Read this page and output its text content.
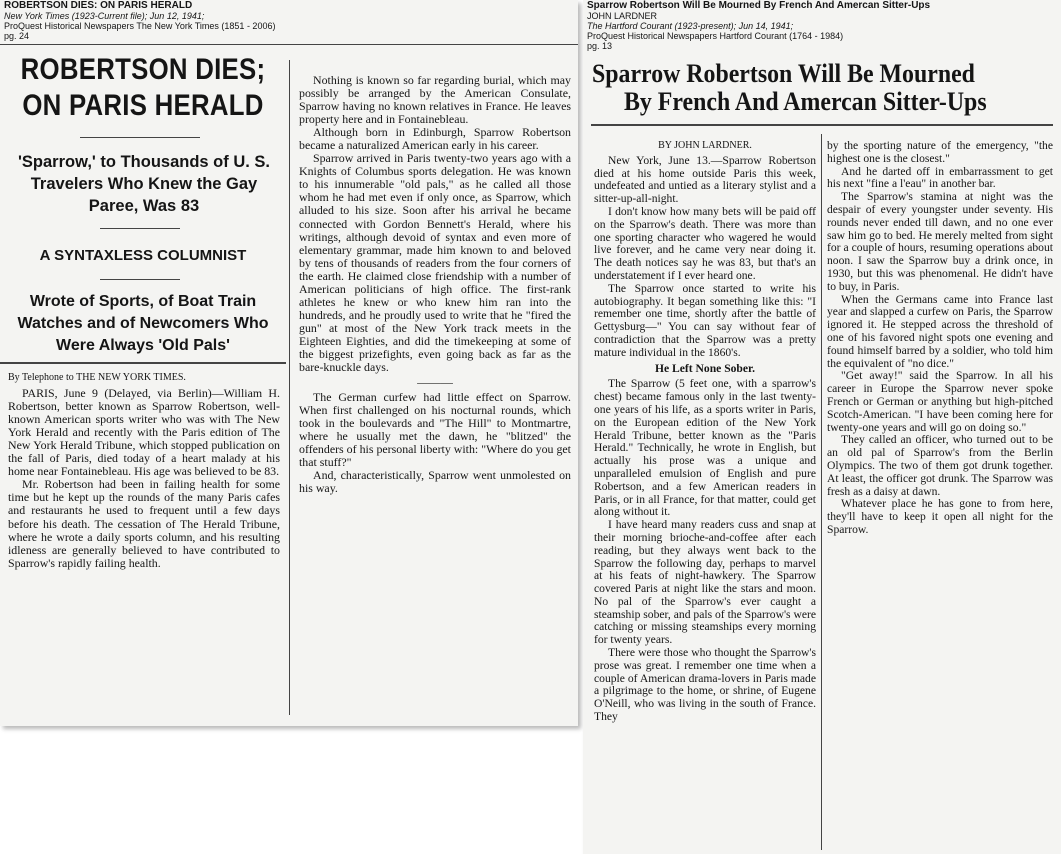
ROBERTSON DIES: ON PARIS HERALD

New York Times (1923-Current file); Jun 12, 1941;

ProQuest Historical Newspapers The New York Times (1851 - 2006)

pg. 24

ROBERTSON DIES;
ON PARIS HERALD
'Sparrow,' to Thousands of U. S. Travelers Who Knew the Gay Paree, Was 83
A SYNTAXLESS COLUMNIST
Wrote of Sports, of Boat Train Watches and of Newcomers Who Were Always 'Old Pals'

By Telephone to THE NEW YORK TIMES.

PARIS, June 9 (Delayed, via Berlin)—William H. Robertson, better known as Sparrow Robertson, well-known American sports writer who was with The New York Herald and recently with the Paris edition of The New York Herald Tribune, which stopped publication on the fall of Paris, died today of a heart malady at his home near Fontainebleau. His age was believed to be 83.

Mr. Robertson had been in failing health for some time but he kept up the rounds of the many Paris cafes and restaurants he used to frequent until a few days before his death. The cessation of The Herald Tribune, where he wrote a daily sports column, and his resulting idleness are generally believed to have contributed to Sparrow's rapidly failing health.

Nothing is known so far regarding burial, which may possibly be arranged by the American Consulate, Sparrow having no known relatives in France. He leaves property here and in Fontainebleau.

Although born in Edinburgh, Sparrow Robertson became a naturalized American early in his career.

Sparrow arrived in Paris twenty-two years ago with a Knights of Columbus sports delegation. He was known to his innumerable "old pals," as he called all those whom he had met even if only once, as Sparrow, which alluded to his size. Soon after his arrival he became connected with Gordon Bennett's Herald, where his writings, although devoid of syntax and even more of elementary grammar, made him known to and beloved by tens of thousands of readers from the four corners of the earth. He claimed close friendship with a number of American politicians of high office. The first-rank athletes he knew or who knew him ran into the hundreds, and he proudly used to write that he "fired the gun" at most of the New York track meets in the Eighteen Eighties, and did the timekeeping at some of the biggest prizefights, even going back as far as the bare-knuckle days.

———

The German curfew had little effect on Sparrow. When first challenged on his nocturnal rounds, which took in the boulevards and "The Hill" to Montmartre, where he usually met the dawn, he "blitzed" the offenders of his personal liberty with: "Where do you get that stuff?"

And, characteristically, Sparrow went unmolested on his way.

Sparrow Robertson Will Be Mourned By French And Amercan Sitter-Ups

JOHN LARDNER

The Hartford Courant (1923-present); Jun 14, 1941;

ProQuest Historical Newspapers Hartford Courant (1764 - 1984)

pg. 13

Sparrow Robertson Will Be Mourned
By French And Amercan Sitter-Ups

BY JOHN LARDNER.

New York, June 13.—Sparrow Robertson died at his home outside Paris this week, undefeated and untied as a literary stylist and a sitter-up-all-night.

I don't know how many bets will be paid off on the Sparrow's death. There was more than one sporting character who wagered he would live forever, and he came very near doing it. The death notices say he was 83, but that's an understatement if I ever heard one.

The Sparrow once started to write his autobiography. It began something like this: "I remember one time, shortly after the battle of Gettysburg—" You can say without fear of contradiction that the Sparrow was a pretty mature individual in the 1860's.

He Left None Sober.

The Sparrow (5 feet one, with a sparrow's chest) became famous only in the last twenty-one years of his life, as a sports writer in Paris, on the European edition of the New York Herald Tribune, better known as the "Paris Herald." Technically, he wrote in English, but actually his prose was a unique and unparalleled emulsion of English and pure Robertson, and a few American readers in Paris, or in all France, for that matter, could get along without it.

I have heard many readers cuss and snap at their morning brioche-and-coffee after each reading, but they always went back to the Sparrow the following day, perhaps to marvel at his feats of night-hawkery. The Sparrow covered Paris at night like the stars and moon. No pal of the Sparrow's ever caught a steamship sober, and pals of the Sparrow's were catching or missing steamships every morning for twenty years.

There were those who thought the Sparrow's prose was great. I remember one time when a couple of American drama-lovers in Paris made a pilgrimage to the home, or shrine, of Eugene O'Neill, who was living in the south of France. They

by the sporting nature of the emergency, "the highest one is the closest."

And he darted off in embarrassment to get his next "fine a l'eau" in another bar.

The Sparrow's stamina at night was the despair of every youngster under seventy. His rounds never ended till dawn, and no one ever saw him go to bed. He merely melted from sight for a couple of hours, resuming operations about noon. I saw the Sparrow buy a drink once, in 1930, but this was phenomenal. He didn't have to buy, in Paris.

When the Germans came into France last year and slapped a curfew on Paris, the Sparrow ignored it. He stepped across the threshold of one of his favored night spots one evening and found himself barred by a soldier, who told him the equivalent of "no dice."

"Get away!" said the Sparrow. In all his career in Europe the Sparrow never spoke French or German or anything but high-pitched Scotch-American. "I have been coming here for twenty-one years and will go on doing so."

They called an officer, who turned out to be an old pal of Sparrow's from the Berlin Olympics. The two of them got drunk together. At least, the officer got drunk. The Sparrow was fresh as a daisy at dawn.

Whatever place he has gone to from here, they'll have to keep it open all night for the Sparrow.
